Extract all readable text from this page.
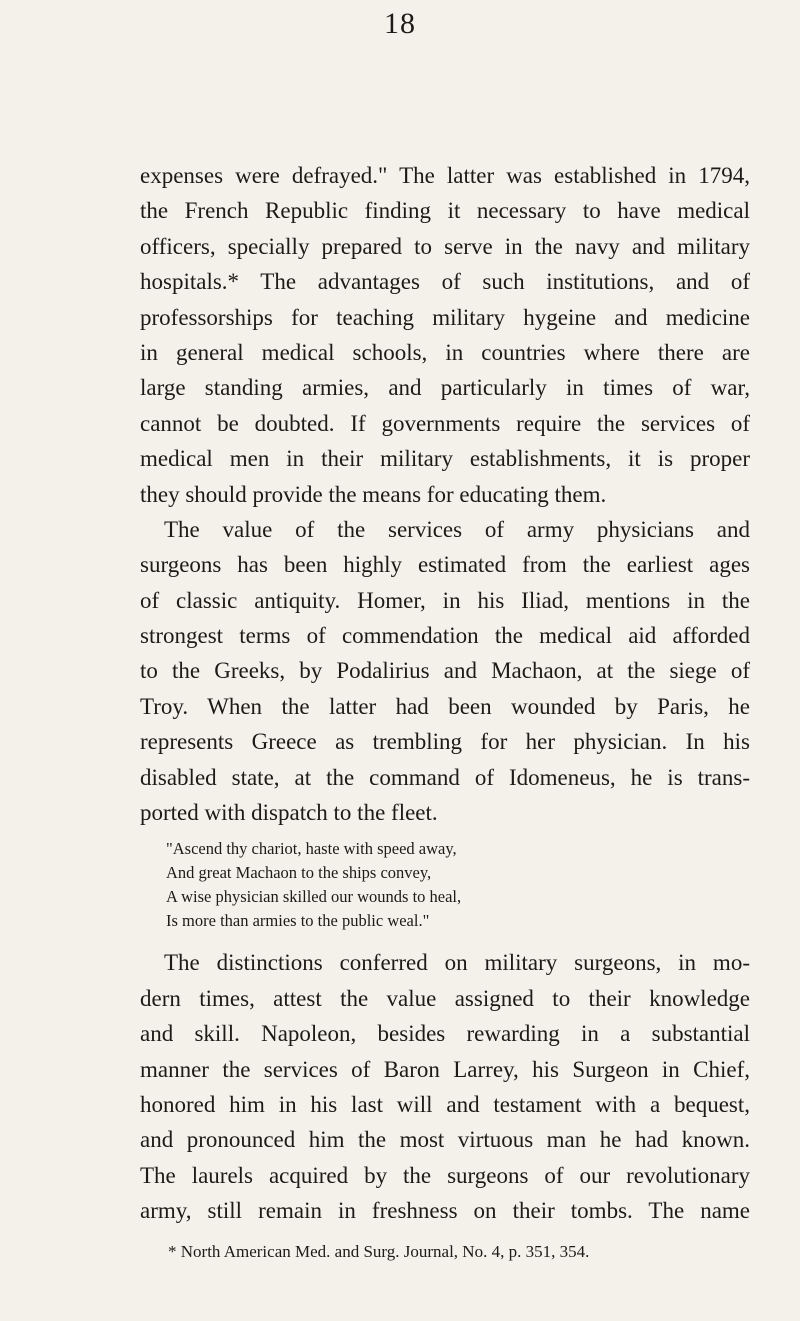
18
expenses were defrayed." The latter was established in 1794,
the French Republic finding it necessary to have medical
officers, specially prepared to serve in the navy and military
hospitals.* The advantages of such institutions, and of
professorships for teaching military hygeine and medicine
in general medical schools, in countries where there are
large standing armies, and particularly in times of war,
cannot be doubted. If governments require the services of
medical men in their military establishments, it is proper
they should provide the means for educating them.
The value of the services of army physicians and
surgeons has been highly estimated from the earliest ages
of classic antiquity. Homer, in his Iliad, mentions in the
strongest terms of commendation the medical aid afforded
to the Greeks, by Podalirius and Machaon, at the siege of
Troy. When the latter had been wounded by Paris, he
represents Greece as trembling for her physician. In his
disabled state, at the command of Idomeneus, he is trans-
ported with dispatch to the fleet.
"Ascend thy chariot, haste with speed away,
And great Machaon to the ships convey,
A wise physician skilled our wounds to heal,
Is more than armies to the public weal."
The distinctions conferred on military surgeons, in mo-
dern times, attest the value assigned to their knowledge
and skill. Napoleon, besides rewarding in a substantial
manner the services of Baron Larrey, his Surgeon in Chief,
honored him in his last will and testament with a bequest,
and pronounced him the most virtuous man he had known.
The laurels acquired by the surgeons of our revolutionary
army, still remain in freshness on their tombs. The name
* North American Med. and Surg. Journal, No. 4, p. 351, 354.
